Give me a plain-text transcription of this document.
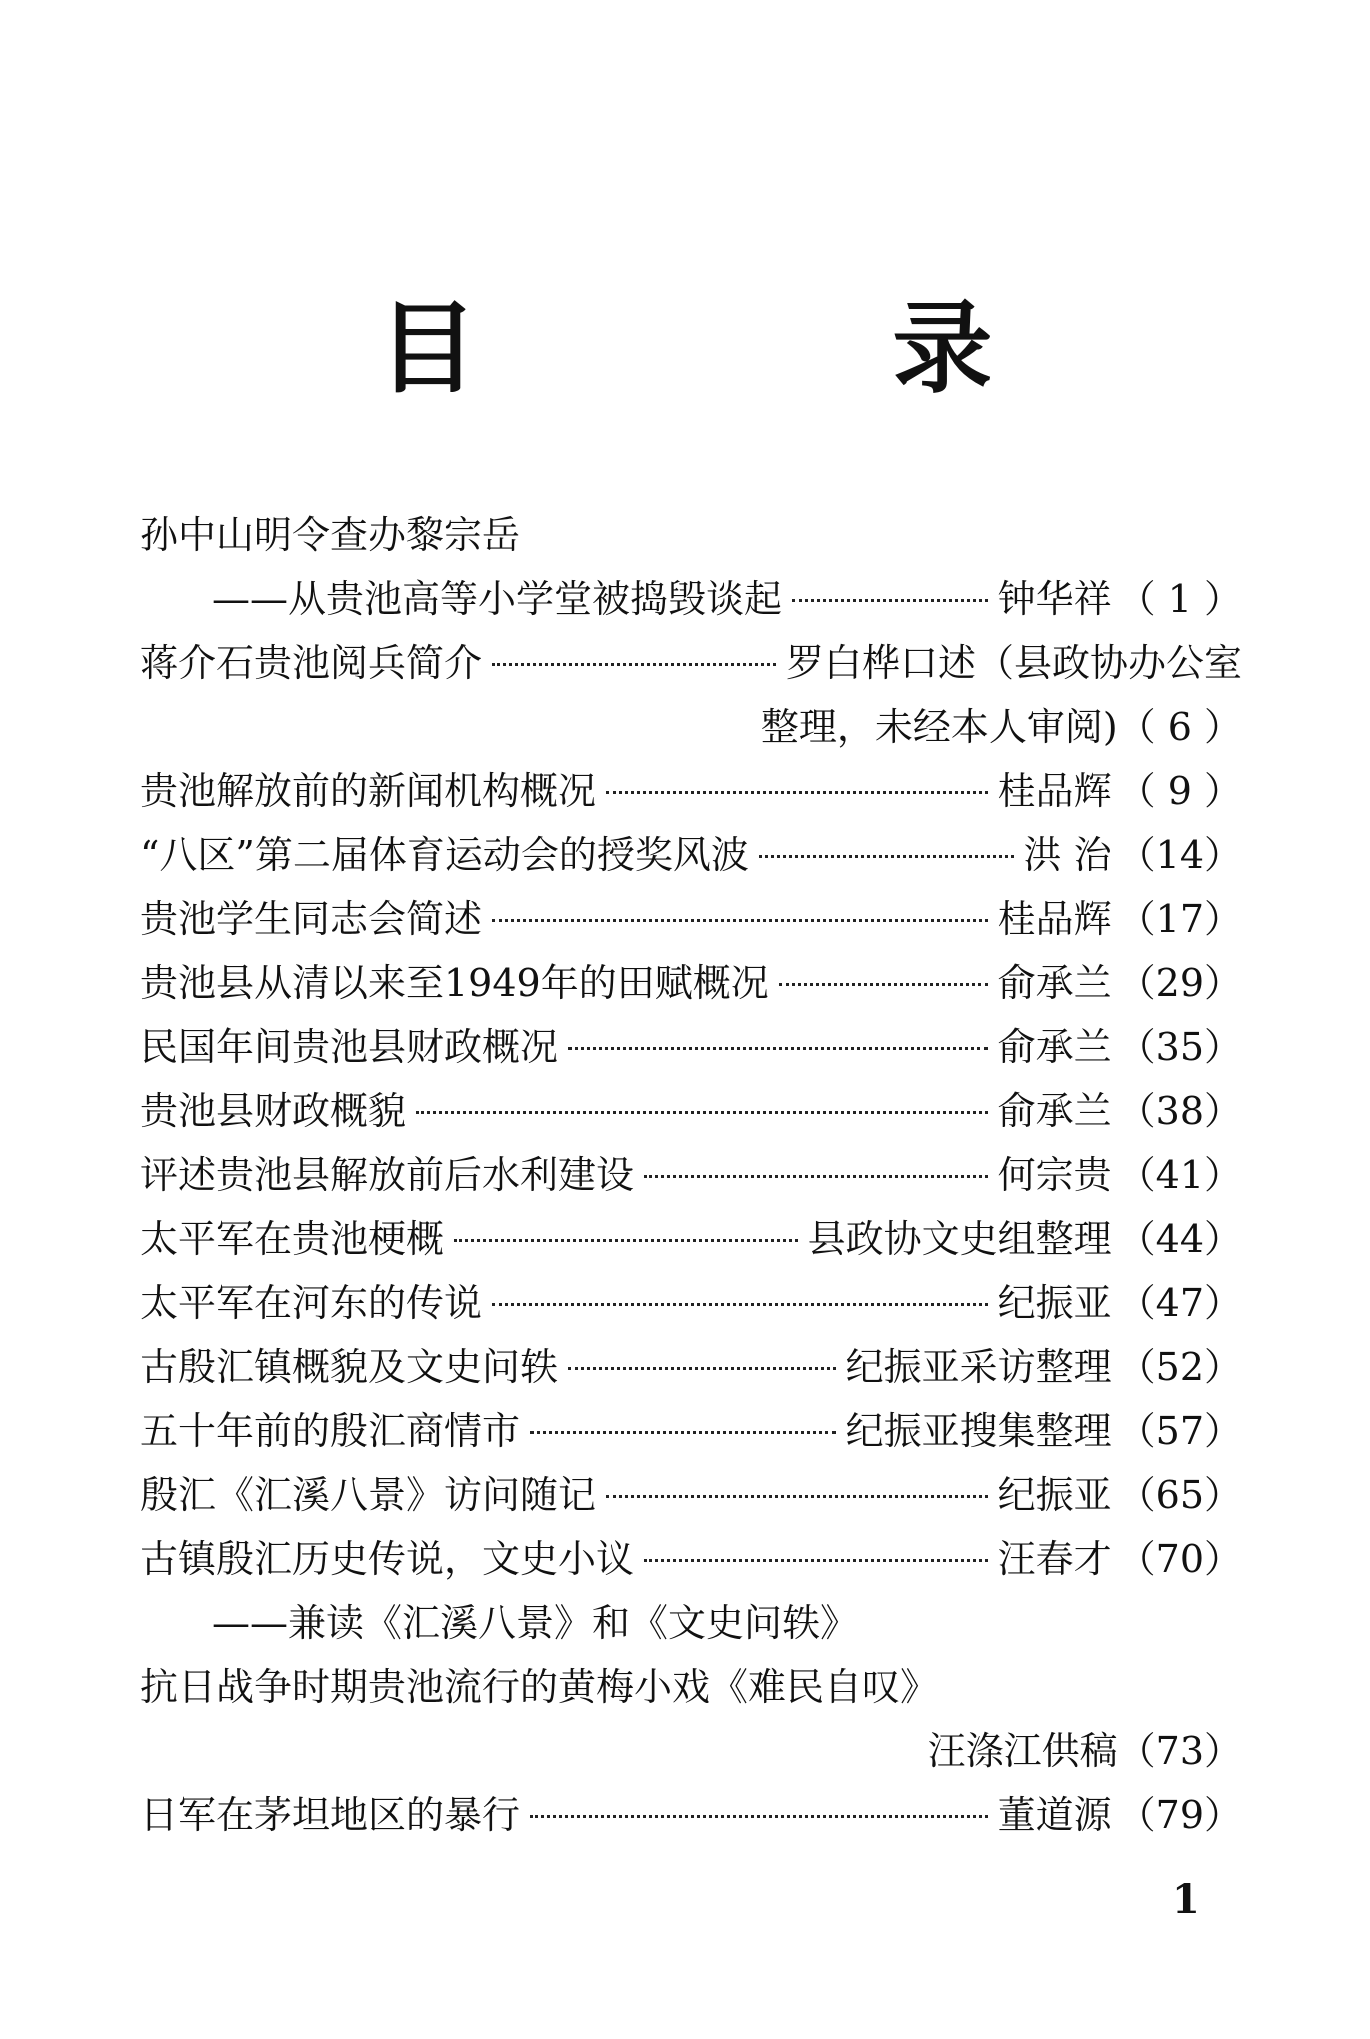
目 录
孙中山明令查办黎宗岳
——从贵池高等小学堂被捣毁谈起	钟华祥 （ 1 ）
蒋介石贵池阅兵简介	罗白桦口述（县政协办公室
整理，未经本人审阅)（ 6 ）
贵池解放前的新闻机构概况	桂品辉 （ 9 ）
“八区”第二届体育运动会的授奖风波	洪 治 （14）
贵池学生同志会简述	桂品辉 （17）
贵池县从清以来至1949年的田赋概况	俞承兰 （29）
民国年间贵池县财政概况	俞承兰 （35）
贵池县财政概貌	俞承兰 （38）
评述贵池县解放前后水利建设	何宗贵 （41）
太平军在贵池梗概	县政协文史组整理 （44）
太平军在河东的传说	纪振亚 （47）
古殷汇镇概貌及文史问轶	纪振亚采访整理 （52）
五十年前的殷汇商情市	纪振亚搜集整理 （57）
殷汇《汇溪八景》访问随记	纪振亚 （65）
古镇殷汇历史传说，文史小议	汪春才 （70）
——兼读《汇溪八景》和《文史问轶》
抗日战争时期贵池流行的黄梅小戏《难民自叹》
汪涤江供稿（73）
日军在茅坦地区的暴行	董道源 （79）
1
